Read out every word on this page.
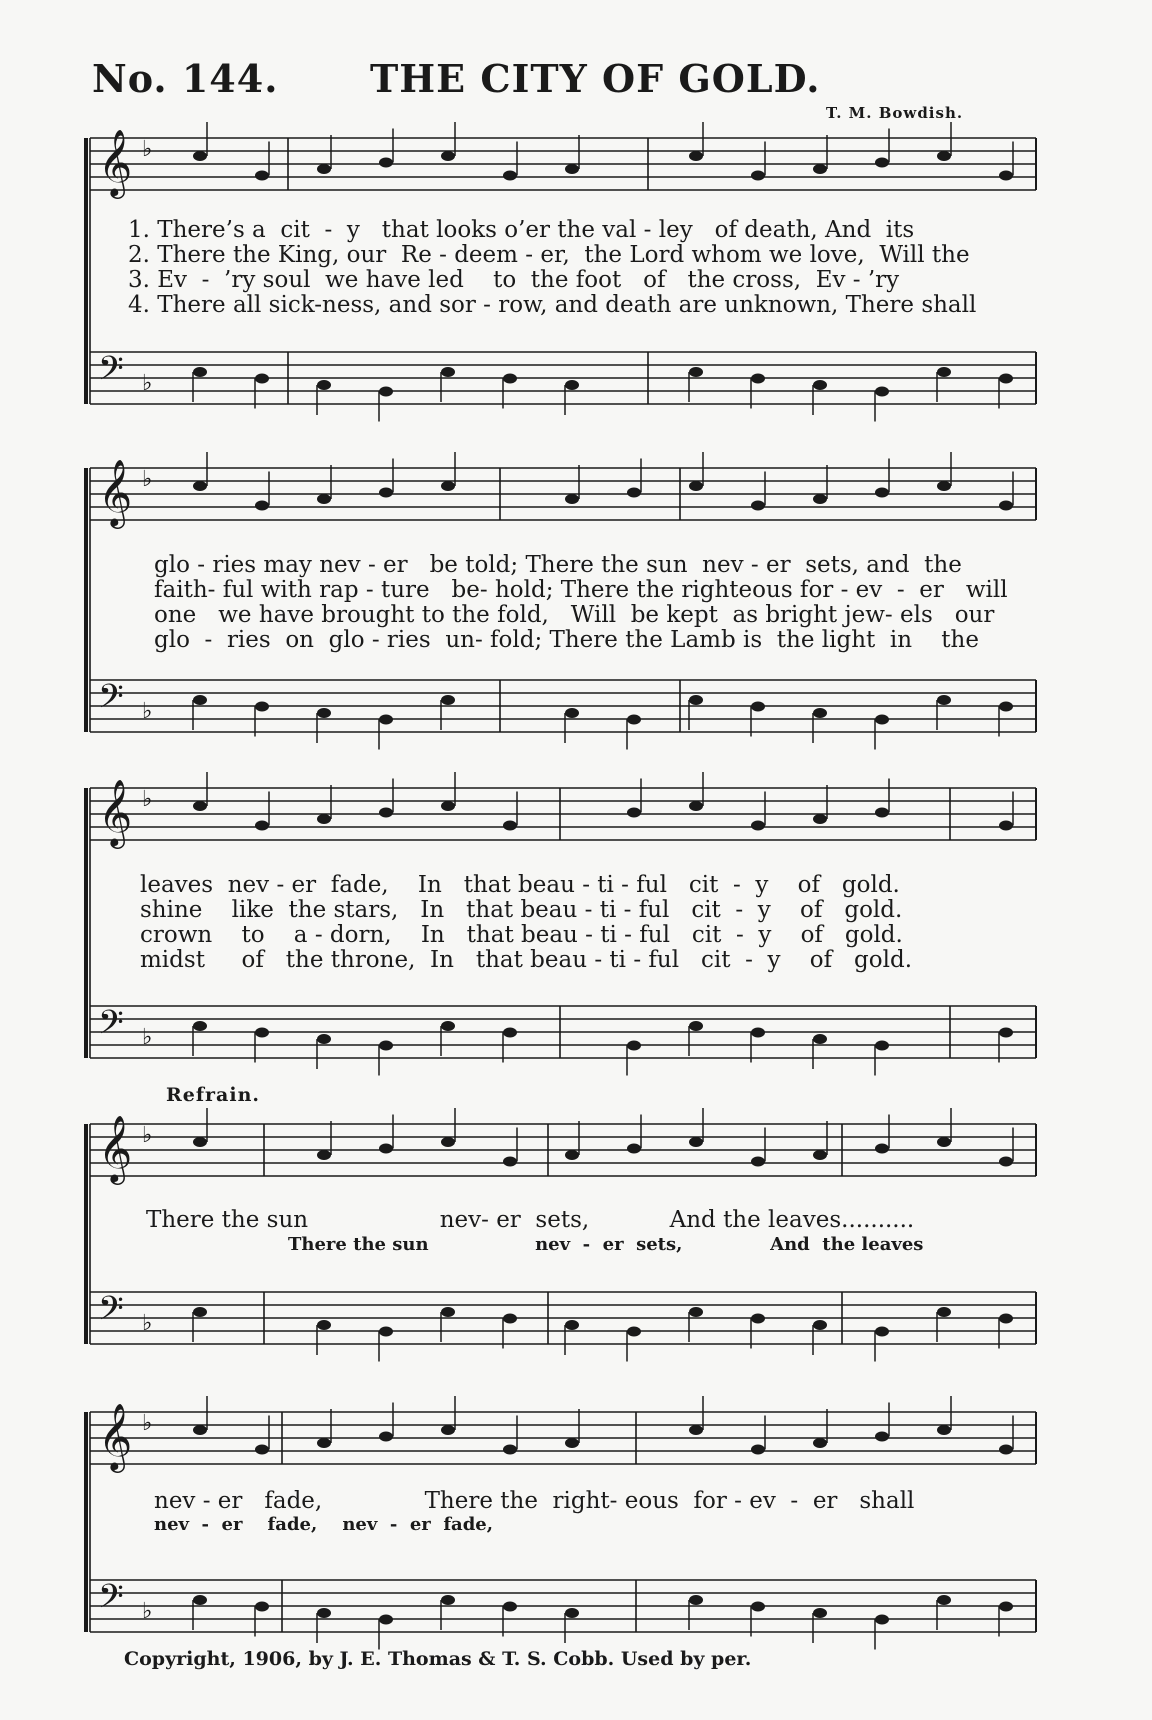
𝄞
𝄢
♭
♭
𝄞
𝄢
♭
♭
𝄞
𝄢
♭
♭
𝄞
𝄢
♭
♭
𝄞
𝄢
♭
♭
No. 144. THE CITY OF GOLD.
T. M. Bowdish.
1. There’s a  cit  -  y   that looks o’er the val - ley   of death, And  its
2. There the King, our  Re - deem - er,  the Lord whom we love,  Will the
3. Ev  -  ’ry soul  we have led    to  the foot   of   the cross,  Ev - ’ry
4. There all sick-ness, and sor - row, and death are unknown, There shall
glo - ries may nev - er   be told; There the sun  nev - er  sets, and  the
faith- ful with rap - ture   be- hold; There the righteous for - ev  -  er   will
one   we have brought to the fold,   Will  be kept  as bright jew- els   our
glo  -  ries  on  glo - ries  un- fold; There the Lamb is  the light  in    the
leaves  nev - er  fade,    In   that beau - ti - ful   cit  -  y    of   gold.
shine    like  the stars,   In   that beau - ti - ful   cit  -  y    of   gold.
crown    to    a - dorn,    In   that beau - ti - ful   cit  -  y    of   gold.
midst     of   the throne,  In   that beau - ti - ful   cit  -  y    of   gold.
Refrain.
There the sun                  nev- er  sets,           And the leaves..........
There the sun                 nev  -  er  sets,              And  the leaves
nev - er   fade,              There the  right- eous  for - ev  -  er   shall
nev  -  er    fade,    nev  -  er  fade,
Copyright, 1906, by J. E. Thomas & T. S. Cobb. Used by per.
